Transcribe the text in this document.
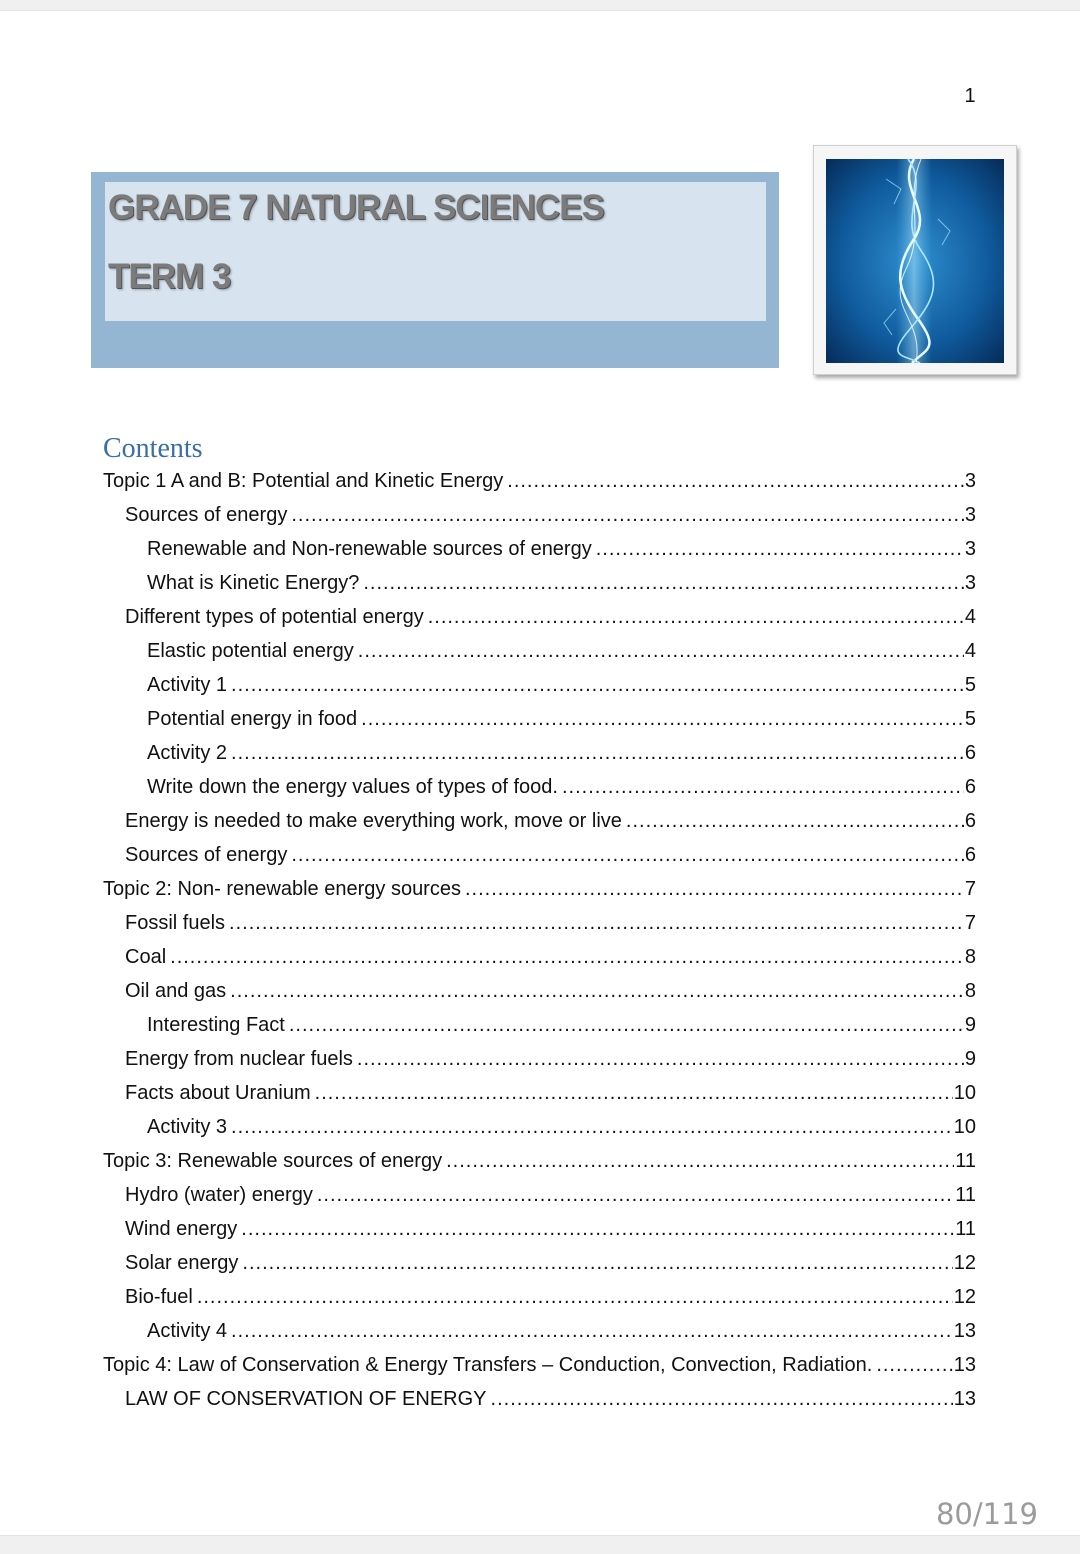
1
GRADE 7 NATURAL SCIENCES
TERM 3
Contents
Topic 1 A and B: Potential and Kinetic Energy .....	3
Sources of energy .....	3
Renewable and Non-renewable sources of energy .....	3
What is Kinetic Energy? .....	3
Different types of potential energy .....	4
Elastic potential energy .....	4
Activity 1 .....	5
Potential energy in food .....	5
Activity 2 .....	6
Write down the energy values of types of food. .....	6
Energy is needed to make everything work, move or live .....	6
Sources of energy .....	6
Topic 2: Non- renewable energy sources .....	7
Fossil fuels .....	7
Coal .....	8
Oil and gas .....	8
Interesting Fact .....	9
Energy from nuclear fuels .....	9
Facts about Uranium .....	10
Activity 3 .....	10
Topic 3: Renewable sources of energy .....	11
Hydro (water) energy .....	11
Wind energy .....	11
Solar energy .....	12
Bio-fuel .....	12
Activity 4 .....	13
Topic 4: Law of Conservation & Energy Transfers – Conduction, Convection, Radiation. .....	13
LAW OF CONSERVATION OF ENERGY .....	13
80/119
